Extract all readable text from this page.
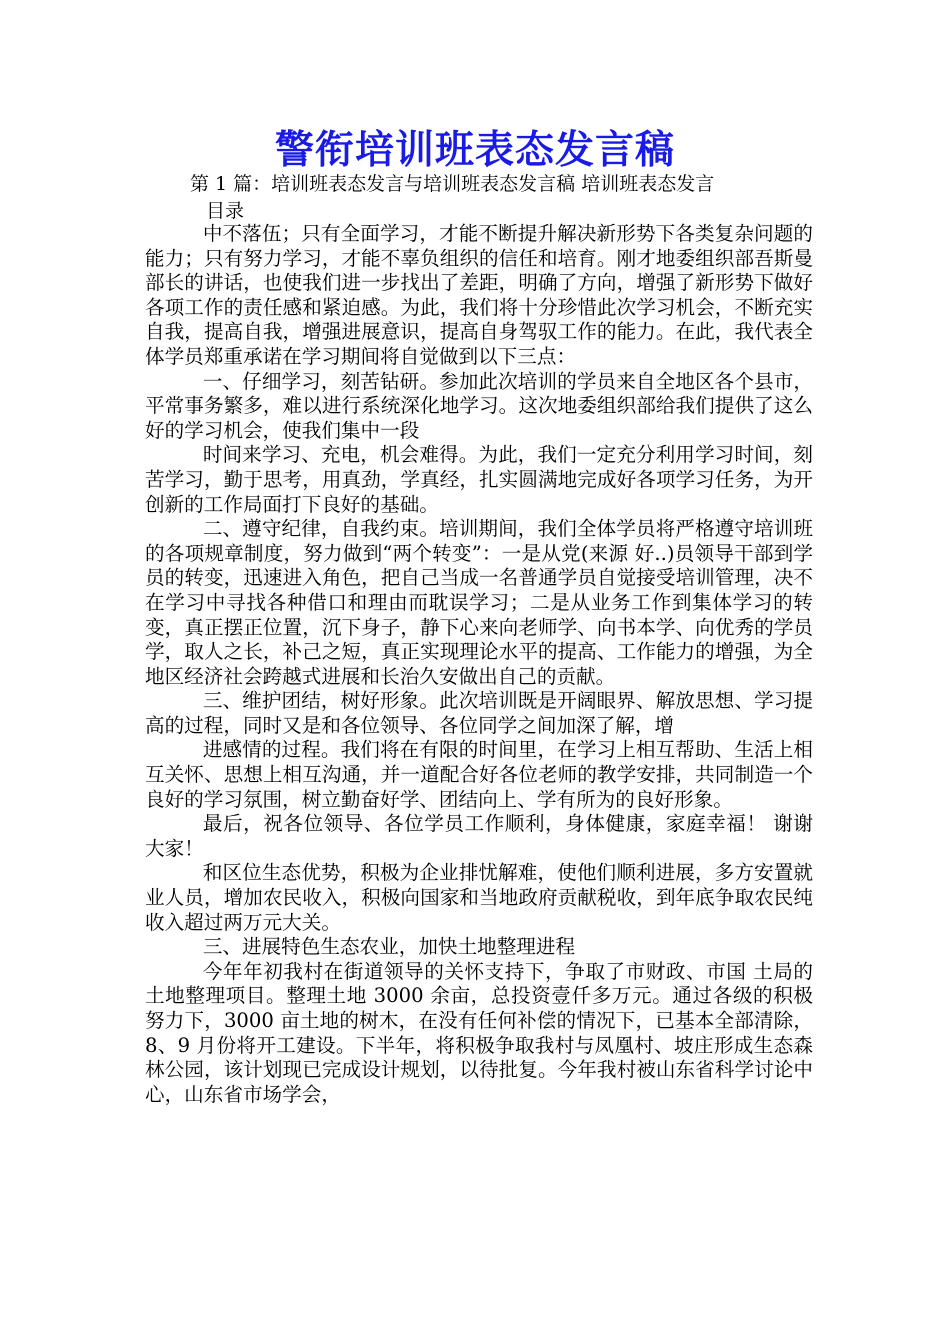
警衔培训班表态发言稿
第 1 篇：培训班表态发言与培训班表态发言稿 培训班表态发言
目录

中不落伍；只有全面学习，才能不断提升解决新形势下各类复杂问题的能力；只有努力学习，才能不辜负组织的信任和培育。刚才地委组织部吾斯曼部长的讲话，也使我们进一步找出了差距，明确了方向，增强了新形势下做好各项工作的责任感和紧迫感。为此，我们将十分珍惜此次学习机会，不断充实自我，提高自我，增强进展意识，提高自身驾驭工作的能力。在此，我代表全体学员郑重承诺在学习期间将自觉做到以下三点：

一、仔细学习，刻苦钻研。参加此次培训的学员来自全地区各个县市，平常事务繁多，难以进行系统深化地学习。这次地委组织部给我们提供了这么好的学习机会，使我们集中一段

时间来学习、充电，机会难得。为此，我们一定充分利用学习时间，刻苦学习，勤于思考，用真劲，学真经，扎实圆满地完成好各项学习任务，为开创新的工作局面打下良好的基础。

二、遵守纪律，自我约束。培训期间，我们全体学员将严格遵守培训班的各项规章制度，努力做到“两个转变”：一是从党(来源 好..)员领导干部到学员的转变，迅速进入角色，把自己当成一名普通学员自觉接受培训管理，决不在学习中寻找各种借口和理由而耽误学习；二是从业务工作到集体学习的转变，真正摆正位置，沉下身子，静下心来向老师学、向书本学、向优秀的学员学，取人之长，补己之短，真正实现理论水平的提高、工作能力的增强，为全地区经济社会跨越式进展和长治久安做出自己的贡献。

三、维护团结，树好形象。此次培训既是开阔眼界、解放思想、学习提高的过程，同时又是和各位领导、各位同学之间加深了解，增

进感情的过程。我们将在有限的时间里，在学习上相互帮助、生活上相互关怀、思想上相互沟通，并一道配合好各位老师的教学安排，共同制造一个良好的学习氛围，树立勤奋好学、团结向上、学有所为的良好形象。

最后，祝各位领导、各位学员工作顺利，身体健康，家庭幸福！ 谢谢大家！

和区位生态优势，积极为企业排忧解难，使他们顺利进展，多方安置就业人员，增加农民收入，积极向国家和当地政府贡献税收，到年底争取农民纯收入超过两万元大关。

三、进展特色生态农业，加快土地整理进程

今年年初我村在街道领导的关怀支持下，争取了市财政、市国 土局的土地整理项目。整理土地 3000 余亩，总投资壹仟多万元。通过各级的积极努力下，3000 亩土地的树木，在没有任何补偿的情况下，已基本全部清除，8、9 月份将开工建设。下半年，将积极争取我村与凤凰村、坡庄形成生态森林公园，该计划现已完成设计规划，以待批复。今年我村被山东省科学讨论中心，山东省市场学会，
